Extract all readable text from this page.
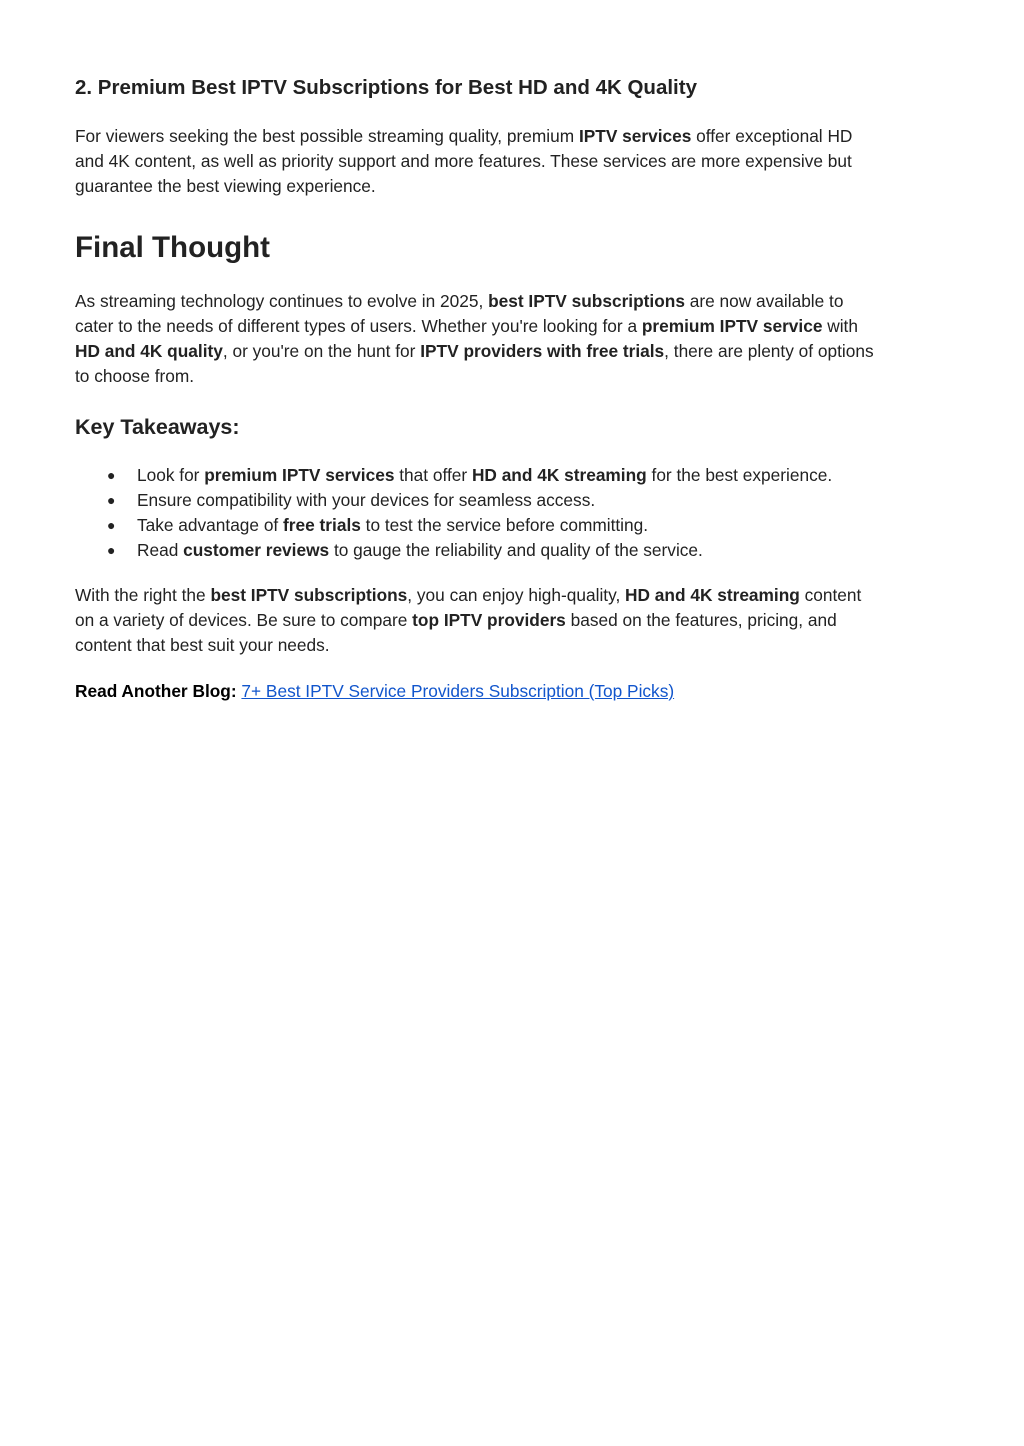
2. Premium Best IPTV Subscriptions for Best HD and 4K Quality

For viewers seeking the best possible streaming quality, premium IPTV services offer exceptional HD
and 4K content, as well as priority support and more features. These services are more expensive but
guarantee the best viewing experience.

Final Thought

As streaming technology continues to evolve in 2025, best IPTV subscriptions are now available to
cater to the needs of different types of users. Whether you're looking for a premium IPTV service with
HD and 4K quality, or you're on the hunt for IPTV providers with free trials, there are plenty of options
to choose from.

Key Takeaways:
● Look for premium IPTV services that offer HD and 4K streaming for the best experience.
● Ensure compatibility with your devices for seamless access.
● Take advantage of free trials to test the service before committing.
● Read customer reviews to gauge the reliability and quality of the service.

With the right the best IPTV subscriptions, you can enjoy high-quality, HD and 4K streaming content
on a variety of devices. Be sure to compare top IPTV providers based on the features, pricing, and
content that best suit your needs.

Read Another Blog: 7+ Best IPTV Service Providers Subscription (Top Picks)
